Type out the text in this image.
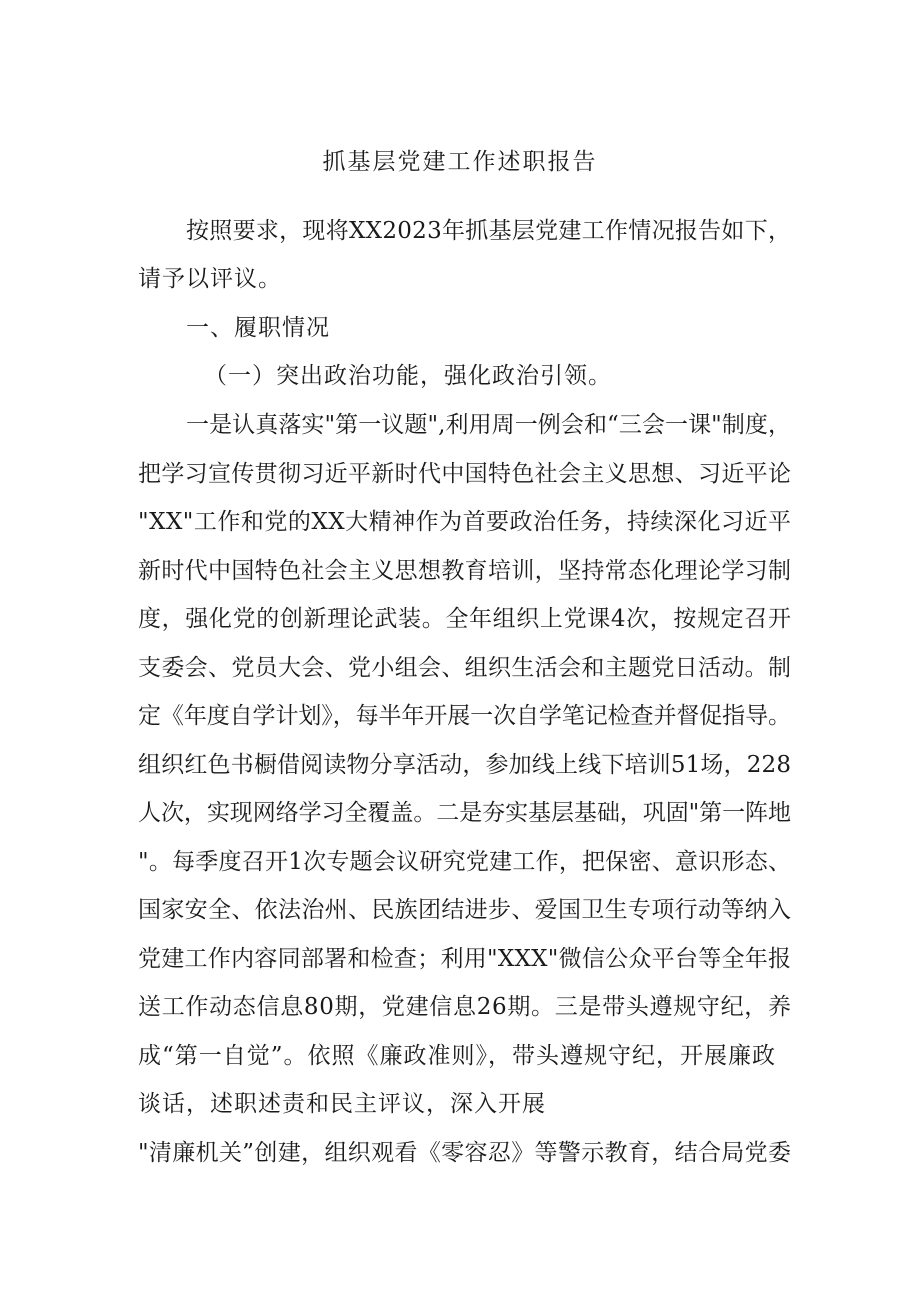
抓基层党建工作述职报告
按照要求，现将XX2023年抓基层党建工作情况报告如下，
请予以评议。
一、履职情况
（一）突出政治功能，强化政治引领。
一是认真落实"第一议题",利用周一例会和“三会一课"制度，
把学习宣传贯彻习近平新时代中国特色社会主义思想、习近平论
"XX"工作和党的XX大精神作为首要政治任务，持续深化习近平
新时代中国特色社会主义思想教育培训，坚持常态化理论学习制
度，强化党的创新理论武装。全年组织上党课4次，按规定召开
支委会、党员大会、党小组会、组织生活会和主题党日活动。制
定《年度自学计划》，每半年开展一次自学笔记检查并督促指导。
组织红色书橱借阅读物分享活动，参加线上线下培训51场，228
人次，实现网络学习全覆盖。二是夯实基层基础，巩固"第一阵地
"。每季度召开1次专题会议研究党建工作，把保密、意识形态、
国家安全、依法治州、民族团结进步、爱国卫生专项行动等纳入
党建工作内容同部署和检查；利用"XXX"微信公众平台等全年报
送工作动态信息80期，党建信息26期。三是带头遵规守纪，养
成“第一自觉”。依照《廉政准则》，带头遵规守纪，开展廉政
谈话，述职述责和民主评议，深入开展
"清廉机关”创建，组织观看《零容忍》等警示教育，结合局党委
